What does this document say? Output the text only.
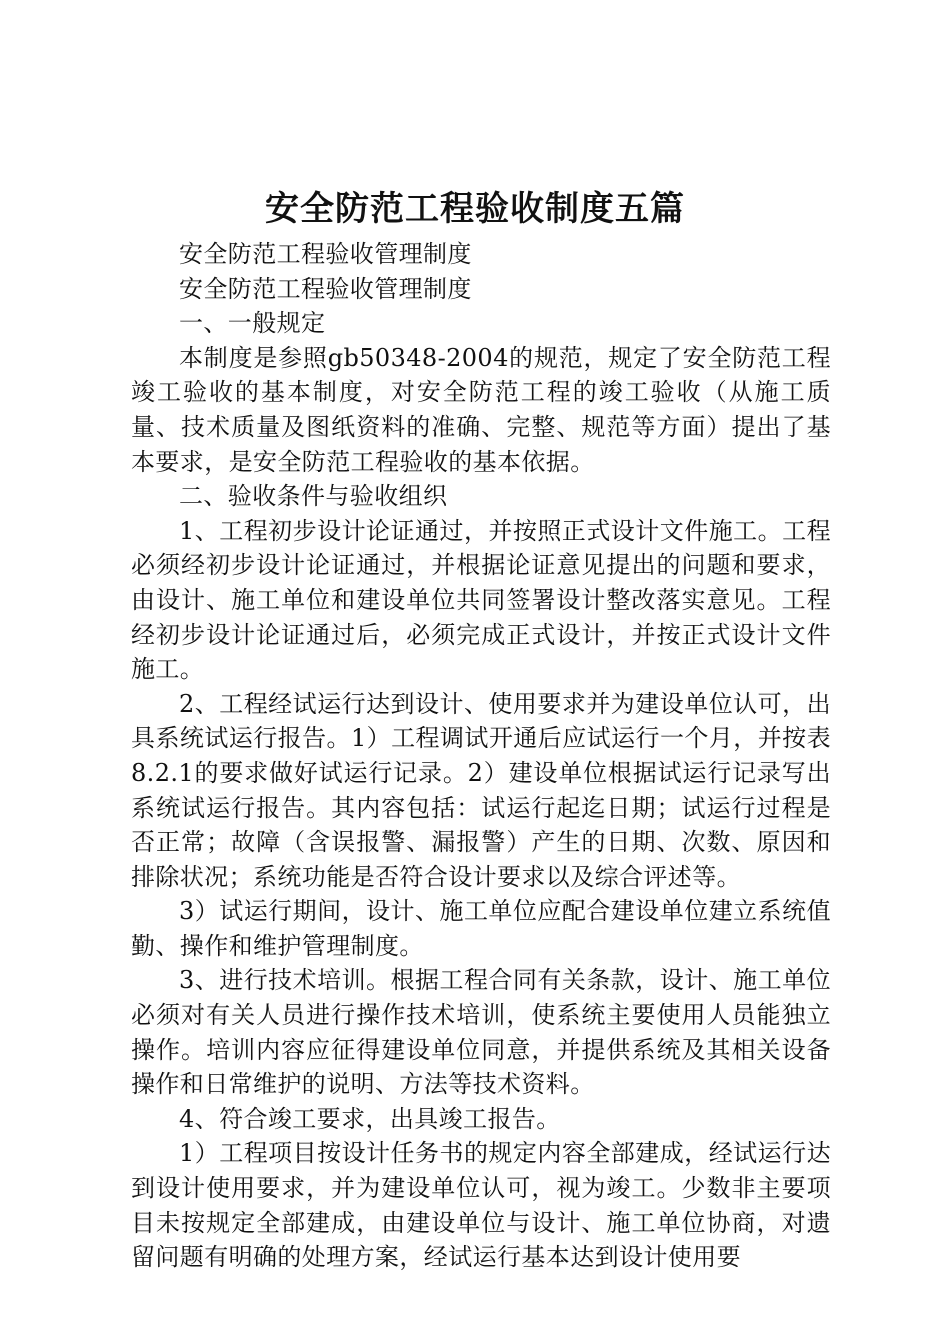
安全防范工程验收制度五篇

安全防范工程验收管理制度

安全防范工程验收管理制度

一、一般规定

本制度是参照gb50348-2004的规范，规定了安全防范工程竣工验收的基本制度，对安全防范工程的竣工验收（从施工质量、技术质量及图纸资料的准确、完整、规范等方面）提出了基本要求，是安全防范工程验收的基本依据。

二、验收条件与验收组织

1、工程初步设计论证通过，并按照正式设计文件施工。工程必须经初步设计论证通过，并根据论证意见提出的问题和要求，由设计、施工单位和建设单位共同签署设计整改落实意见。工程经初步设计论证通过后，必须完成正式设计，并按正式设计文件施工。

2、工程经试运行达到设计、使用要求并为建设单位认可，出具系统试运行报告。1）工程调试开通后应试运行一个月，并按表8.2.1的要求做好试运行记录。2）建设单位根据试运行记录写出系统试运行报告。其内容包括：试运行起迄日期；试运行过程是否正常；故障（含误报警、漏报警）产生的日期、次数、原因和排除状况；系统功能是否符合设计要求以及综合评述等。

3）试运行期间，设计、施工单位应配合建设单位建立系统值勤、操作和维护管理制度。

3、进行技术培训。根据工程合同有关条款，设计、施工单位必须对有关人员进行操作技术培训，使系统主要使用人员能独立操作。培训内容应征得建设单位同意，并提供系统及其相关设备操作和日常维护的说明、方法等技术资料。

4、符合竣工要求，出具竣工报告。

1）工程项目按设计任务书的规定内容全部建成，经试运行达到设计使用要求，并为建设单位认可，视为竣工。少数非主要项目未按规定全部建成，由建设单位与设计、施工单位协商，对遗留问题有明确的处理方案，经试运行基本达到设计使用要
